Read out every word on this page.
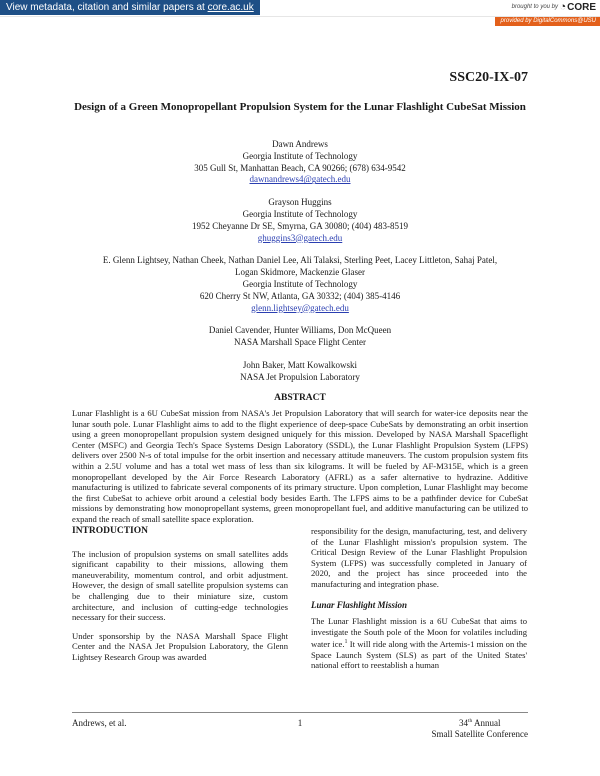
View metadata, citation and similar papers at core.ac.uk	brought to you by ◔CORE
provided by DigitalCommons@USU
SSC20-IX-07
Design of a Green Monopropellant Propulsion System for the Lunar Flashlight CubeSat Mission
Dawn Andrews
Georgia Institute of Technology
305 Gull St, Manhattan Beach, CA 90266; (678) 634-9542
dawnandrews4@gatech.edu
Grayson Huggins
Georgia Institute of Technology
1952 Cheyanne Dr SE, Smyrna, GA 30080; (404) 483-8519
ghuggins3@gatech.edu
E. Glenn Lightsey, Nathan Cheek, Nathan Daniel Lee, Ali Talaksi, Sterling Peet, Lacey Littleton, Sahaj Patel,
Logan Skidmore, Mackenzie Glaser
Georgia Institute of Technology
620 Cherry St NW, Atlanta, GA 30332; (404) 385-4146
glenn.lightsey@gatech.edu
Daniel Cavender, Hunter Williams, Don McQueen
NASA Marshall Space Flight Center
John Baker, Matt Kowalkowski
NASA Jet Propulsion Laboratory
ABSTRACT
Lunar Flashlight is a 6U CubeSat mission from NASA's Jet Propulsion Laboratory that will search for water-ice deposits near the lunar south pole. Lunar Flashlight aims to add to the flight experience of deep-space CubeSats by demonstrating an orbit insertion using a green monopropellant propulsion system designed uniquely for this mission. Developed by NASA Marshall Spaceflight Center (MSFC) and Georgia Tech's Space Systems Design Laboratory (SSDL), the Lunar Flashlight Propulsion System (LFPS) delivers over 2500 N-s of total impulse for the orbit insertion and necessary attitude maneuvers. The custom propulsion system fits within a 2.5U volume and has a total wet mass of less than six kilograms. It will be fueled by AF-M315E, which is a green monopropellant developed by the Air Force Research Laboratory (AFRL) as a safer alternative to hydrazine. Additive manufacturing is utilized to fabricate several components of its primary structure. Upon completion, Lunar Flashlight may become the first CubeSat to achieve orbit around a celestial body besides Earth. The LFPS aims to be a pathfinder device for CubeSat missions by demonstrating how monopropellant systems, green monopropellant fuel, and additive manufacturing can be utilized to expand the reach of small satellite space exploration.
INTRODUCTION

The inclusion of propulsion systems on small satellites adds significant capability to their missions, allowing them maneuverability, momentum control, and orbit adjustment. However, the design of small satellite propulsion systems can be challenging due to their miniature size, custom architecture, and inclusion of cutting-edge technologies necessary for their success.

Under sponsorship by the NASA Marshall Space Flight Center and the NASA Jet Propulsion Laboratory, the Glenn Lightsey Research Group was awarded

responsibility for the design, manufacturing, test, and delivery of the Lunar Flashlight mission's propulsion system. The Critical Design Review of the Lunar Flashlight Propulsion System (LFPS) was successfully completed in January of 2020, and the project has since proceeded into the manufacturing and integration phase.

Lunar Flashlight Mission

The Lunar Flashlight mission is a 6U CubeSat that aims to investigate the South pole of the Moon for volatiles including water ice.$^1$ It will ride along with the Artemis-1 mission on the Space Launch System (SLS) as part of the United States' national effort to reestablish a human

Andrews, et al.	1	34th Annual
Small Satellite Conference
